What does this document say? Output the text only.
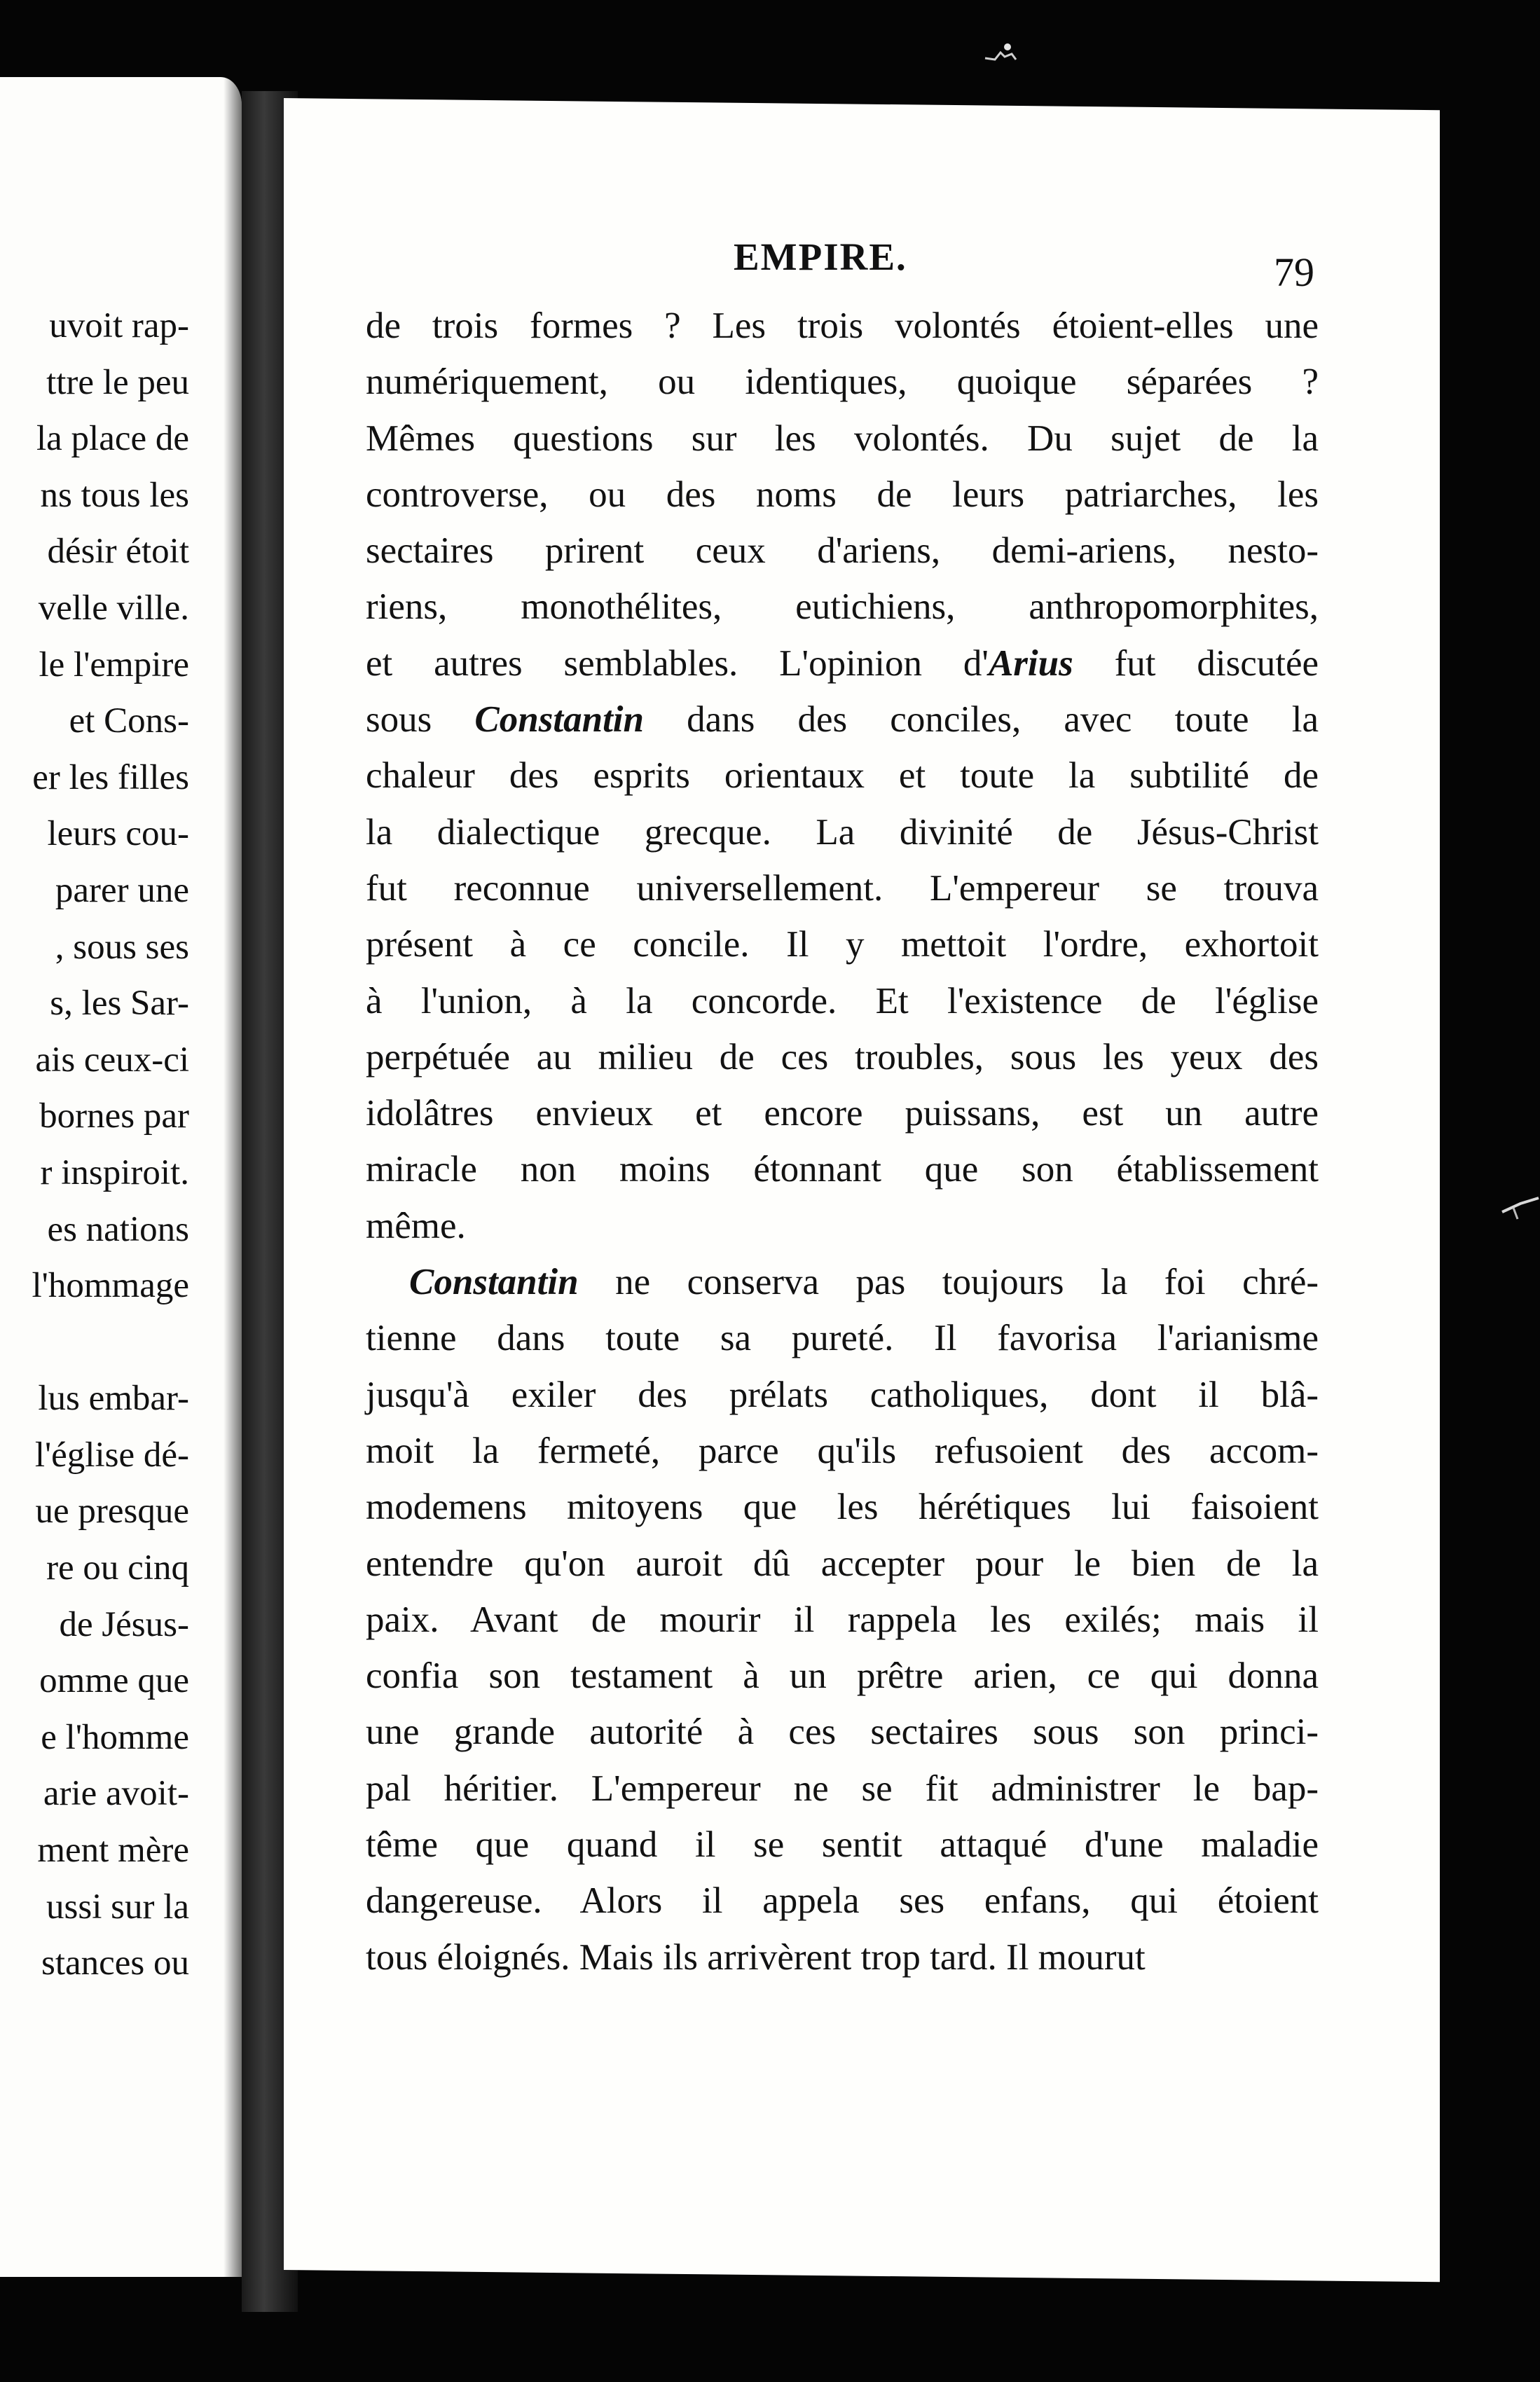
uvoit rap-
ttre le peu
la place de
ns tous les
désir étoit
velle ville.
le l'empire
et Cons-
er les filles
leurs cou-
parer une
, sous ses
s, les Sar-
ais ceux-ci
bornes par
r inspiroit.
es nations
l'hommage
lus embar-
l'église dé-
ue presque
re ou cinq
de Jésus-
omme que
e l'homme
arie avoit-
ment mère
ussi sur la
stances ou
EMPIRE.	79
de trois formes ? Les trois volontés étoient-elles une
numériquement, ou identiques, quoique séparées ?
Mêmes questions sur les volontés. Du sujet de la
controverse, ou des noms de leurs patriarches, les
sectaires prirent ceux d'ariens, demi-ariens, nesto-
riens, monothélites, eutichiens, anthropomorphites,
et autres semblables. L'opinion d'Arius fut discutée
sous Constantin dans des conciles, avec toute la
chaleur des esprits orientaux et toute la subtilité de
la dialectique grecque. La divinité de Jésus-Christ
fut reconnue universellement. L'empereur se trouva
présent à ce concile. Il y mettoit l'ordre, exhortoit
à l'union, à la concorde. Et l'existence de l'église
perpétuée au milieu de ces troubles, sous les yeux des
idolâtres envieux et encore puissans, est un autre
miracle non moins étonnant que son établissement
même.
Constantin ne conserva pas toujours la foi chré-
tienne dans toute sa pureté. Il favorisa l'arianisme
jusqu'à exiler des prélats catholiques, dont il blâ-
moit la fermeté, parce qu'ils refusoient des accom-
modemens mitoyens que les hérétiques lui faisoient
entendre qu'on auroit dû accepter pour le bien de la
paix. Avant de mourir il rappela les exilés; mais il
confia son testament à un prêtre arien, ce qui donna
une grande autorité à ces sectaires sous son princi-
pal héritier. L'empereur ne se fit administrer le bap-
tême que quand il se sentit attaqué d'une maladie
dangereuse. Alors il appela ses enfans, qui étoient
tous éloignés. Mais ils arrivèrent trop tard. Il mourut
